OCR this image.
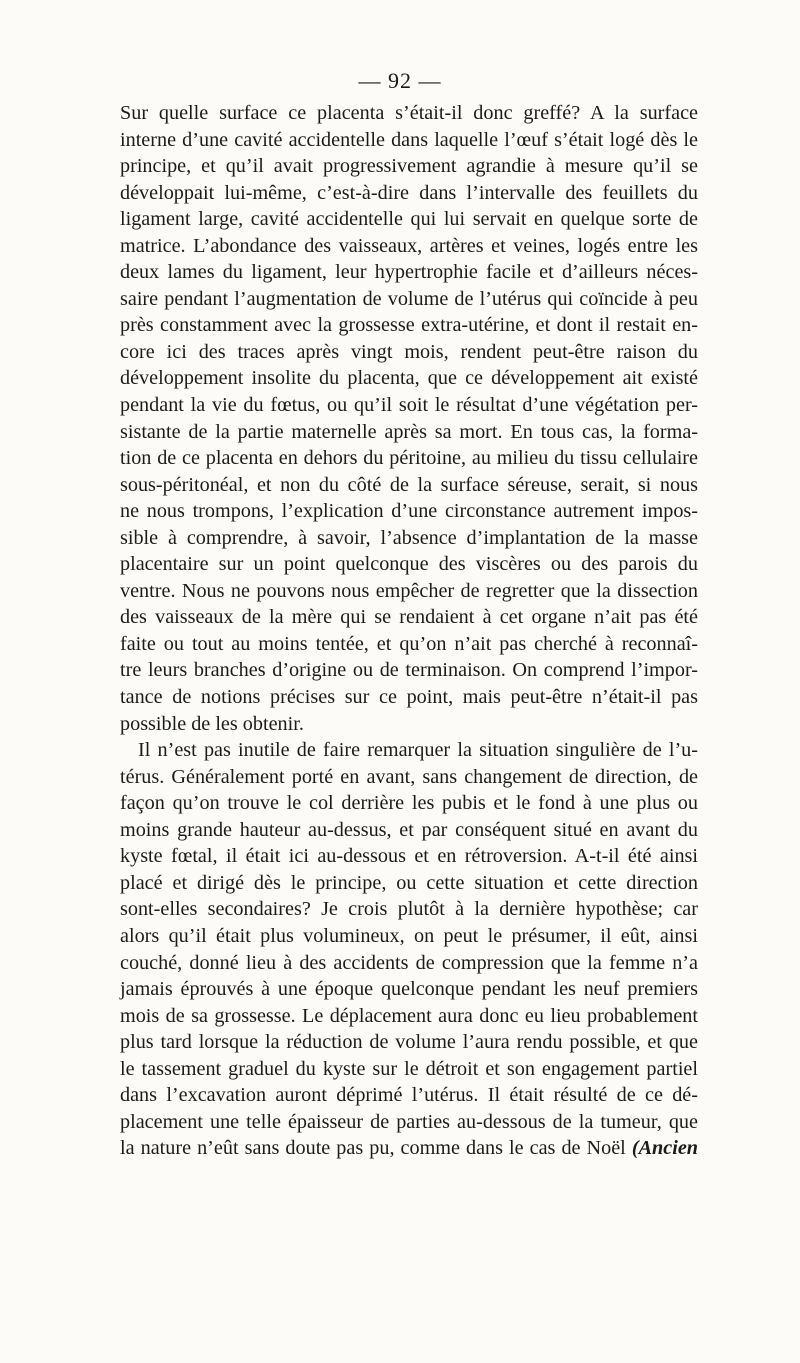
— 92 —
Sur quelle surface ce placenta s’était-il donc greffé? A la surface
interne d’une cavité accidentelle dans laquelle l’œuf s’était logé dès le
principe, et qu’il avait progressivement agrandie à mesure qu’il se
développait lui-même, c’est-à-dire dans l’intervalle des feuillets du
ligament large, cavité accidentelle qui lui servait en quelque sorte de
matrice. L’abondance des vaisseaux, artères et veines, logés entre les
deux lames du ligament, leur hypertrophie facile et d’ailleurs néces-
saire pendant l’augmentation de volume de l’utérus qui coïncide à peu
près constamment avec la grossesse extra-utérine, et dont il restait en-
core ici des traces après vingt mois, rendent peut-être raison du
développement insolite du placenta, que ce développement ait existé
pendant la vie du fœtus, ou qu’il soit le résultat d’une végétation per-
sistante de la partie maternelle après sa mort. En tous cas, la forma-
tion de ce placenta en dehors du péritoine, au milieu du tissu cellulaire
sous-péritonéal, et non du côté de la surface séreuse, serait, si nous
ne nous trompons, l’explication d’une circonstance autrement impos-
sible à comprendre, à savoir, l’absence d’implantation de la masse
placentaire sur un point quelconque des viscères ou des parois du
ventre. Nous ne pouvons nous empêcher de regretter que la dissection
des vaisseaux de la mère qui se rendaient à cet organe n’ait pas été
faite ou tout au moins tentée, et qu’on n’ait pas cherché à reconnaî-
tre leurs branches d’origine ou de terminaison. On comprend l’impor-
tance de notions précises sur ce point, mais peut-être n’était-il pas
possible de les obtenir.
Il n’est pas inutile de faire remarquer la situation singulière de l’u-
térus. Généralement porté en avant, sans changement de direction, de
façon qu’on trouve le col derrière les pubis et le fond à une plus ou
moins grande hauteur au-dessus, et par conséquent situé en avant du
kyste fœtal, il était ici au-dessous et en rétroversion. A-t-il été ainsi
placé et dirigé dès le principe, ou cette situation et cette direction
sont-elles secondaires? Je crois plutôt à la dernière hypothèse; car
alors qu’il était plus volumineux, on peut le présumer, il eût, ainsi
couché, donné lieu à des accidents de compression que la femme n’a
jamais éprouvés à une époque quelconque pendant les neuf premiers
mois de sa grossesse. Le déplacement aura donc eu lieu probablement
plus tard lorsque la réduction de volume l’aura rendu possible, et que
le tassement graduel du kyste sur le détroit et son engagement partiel
dans l’excavation auront déprimé l’utérus. Il était résulté de ce dé-
placement une telle épaisseur de parties au-dessous de la tumeur, que
la nature n’eût sans doute pas pu, comme dans le cas de Noël (Ancien
